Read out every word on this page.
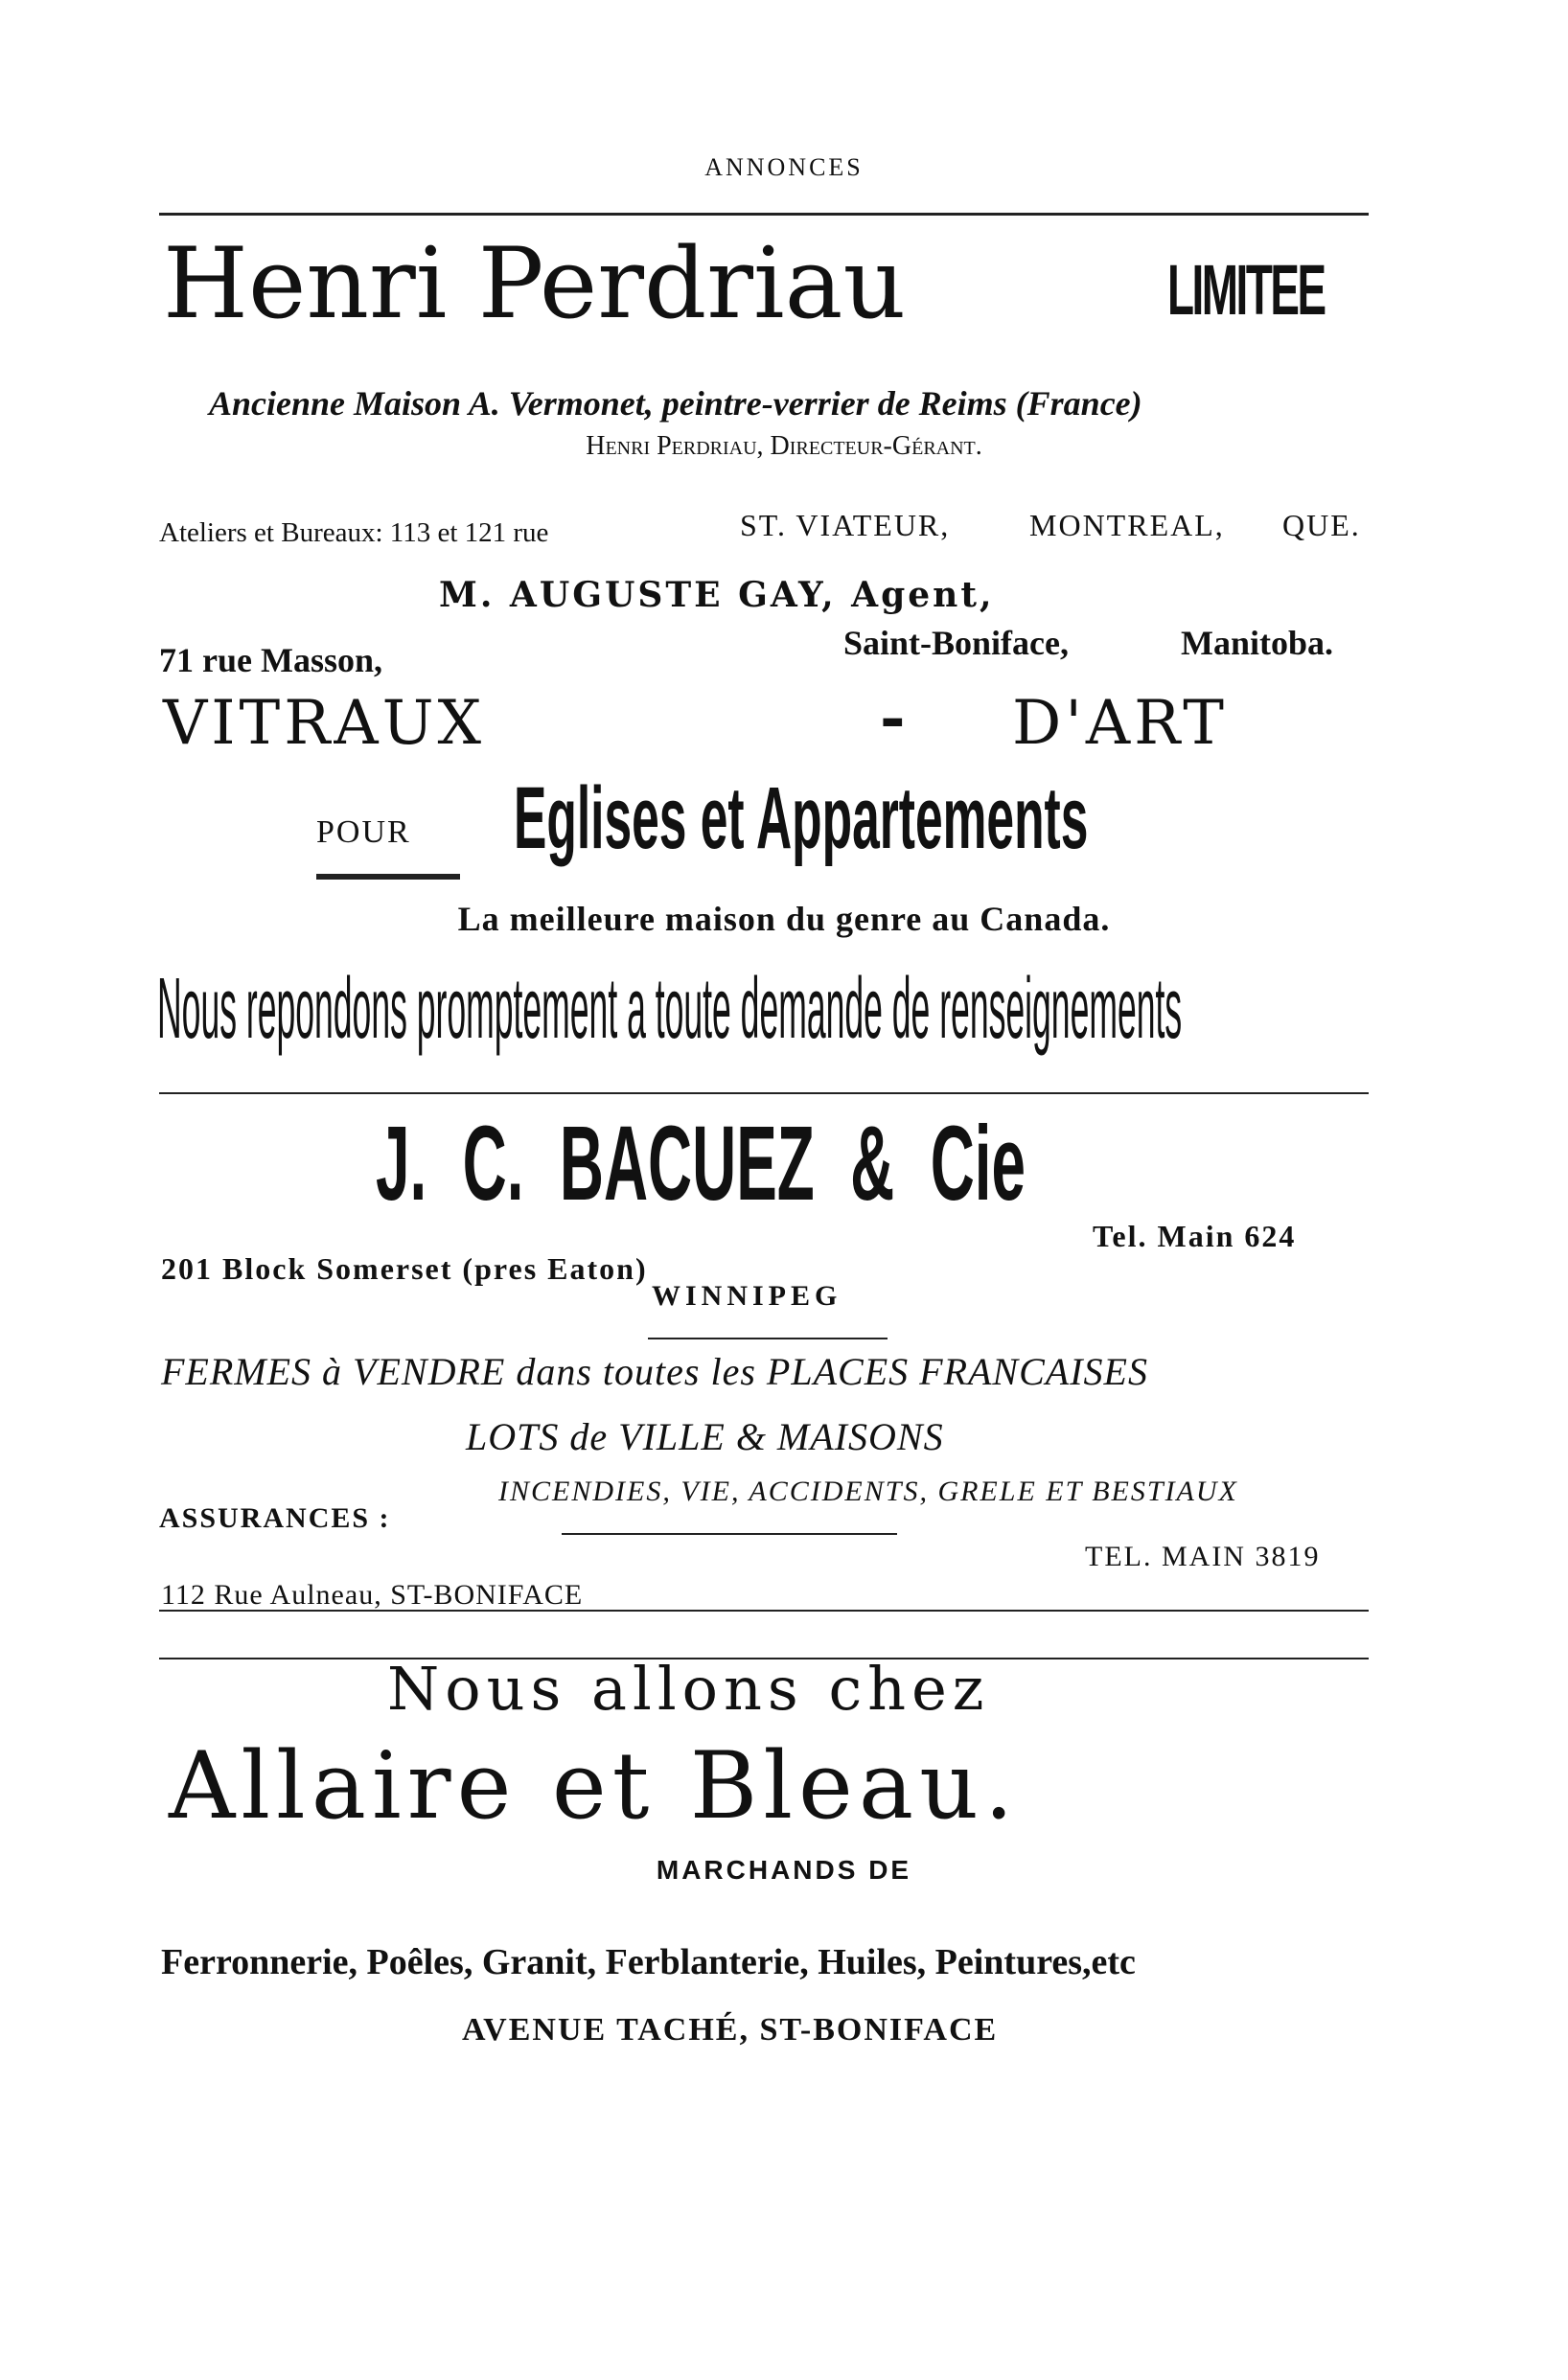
ANNONCES
Henri Perdriau	LIMITEE
Ancienne Maison A. Vermonet, peintre-verrier de Reims (France)
Henri Perdriau, Directeur-Gérant.
Ateliers et Bureaux: 113 et 121 rue	ST. VIATEUR,	MONTREAL, QUE.
M. AUGUSTE GAY, Agent,
71 rue Masson,	Saint-Boniface,	Manitoba.
VITRAUX	- D'ART
POUR Eglises et Appartements
La meilleure maison du genre au Canada.
Nous repondons promptement a toute demande de renseignements
J. C. BACUEZ & Cie
201 Block Somerset (pres Eaton)
Tel. Main 624
WINNIPEG
FERMES à VENDRE dans toutes les PLACES FRANCAISES
LOTS de VILLE & MAISONS
ASSURANCES :
INCENDIES, VIE, ACCIDENTS, GRELE ET BESTIAUX
112 Rue Aulneau, ST-BONIFACE
TEL. MAIN 3819
Nous allons chez
Allaire et Bleau.
MARCHANDS DE
Ferronnerie, Poêles, Granit, Ferblanterie, Huiles, Peintures,etc
AVENUE TACHÉ, ST-BONIFACE
